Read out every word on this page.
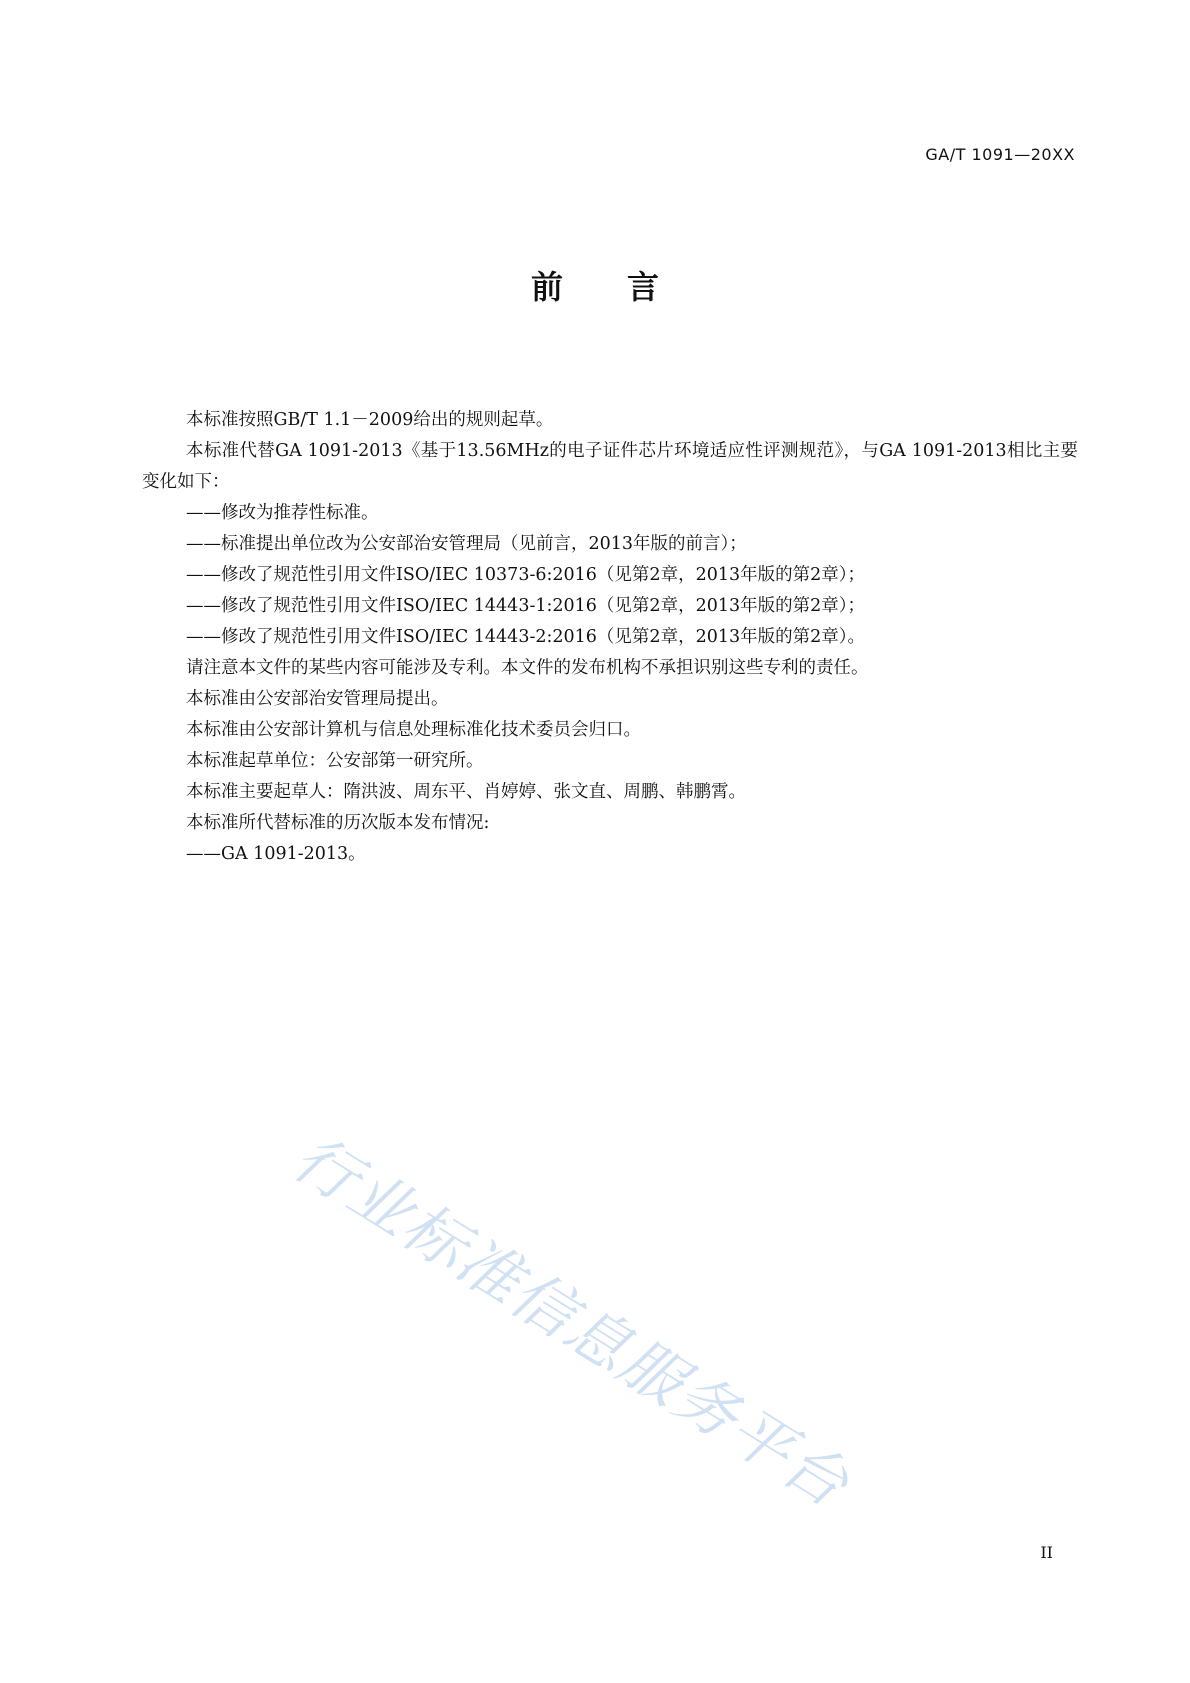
GA/T 1091—20XX
前言

本标准按照GB/T 1.1－2009给出的规则起草。

本标准代替GA 1091-2013《基于13.56MHz的电子证件芯片环境适应性评测规范》，与GA 1091-2013相比主要变化如下：

——修改为推荐性标准。

——标准提出单位改为公安部治安管理局（见前言，2013年版的前言）；

——修改了规范性引用文件ISO/IEC 10373-6:2016（见第2章，2013年版的第2章）；

——修改了规范性引用文件ISO/IEC 14443-1:2016（见第2章，2013年版的第2章）；

——修改了规范性引用文件ISO/IEC 14443-2:2016（见第2章，2013年版的第2章）。

请注意本文件的某些内容可能涉及专利。本文件的发布机构不承担识别这些专利的责任。

本标准由公安部治安管理局提出。

本标准由公安部计算机与信息处理标准化技术委员会归口。

本标准起草单位：公安部第一研究所。

本标准主要起草人：隋洪波、周东平、肖婷婷、张文直、周鹏、韩鹏霄。

本标准所代替标准的历次版本发布情况:

——GA 1091-2013。

行业标准信息服务平台
II
